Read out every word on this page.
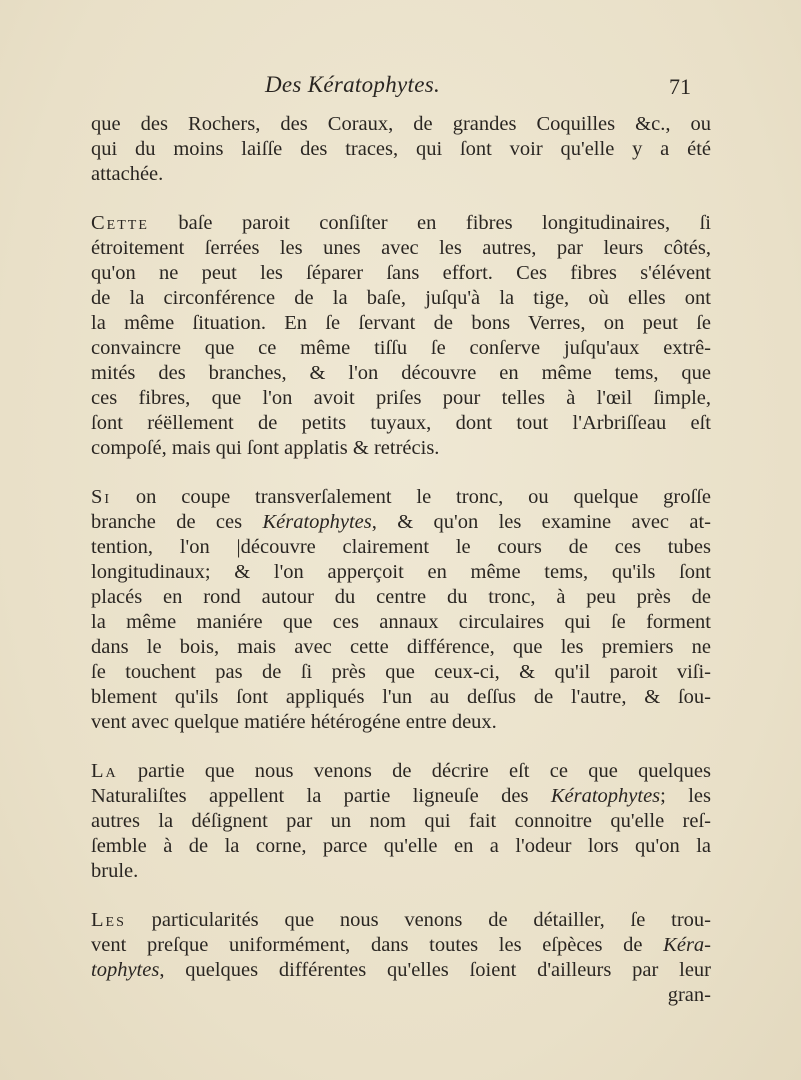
Des Kératophytes.	71
que des Rochers, des Coraux, de grandes Coquilles &c., ou
qui du moins laiſſe des traces, qui ſont voir qu'elle y a été
attachée.
Cette baſe paroit conſiſter en fibres longitudinaires, ſi
étroitement ſerrées les unes avec les autres, par leurs côtés,
qu'on ne peut les ſéparer ſans effort. Ces fibres s'élévent
de la circonférence de la baſe, juſqu'à la tige, où elles ont
la même ſituation. En ſe ſervant de bons Verres, on peut ſe
convaincre que ce même tiſſu ſe conſerve juſqu'aux extrê-
mités des branches, & l'on découvre en même tems, que
ces fibres, que l'on avoit priſes pour telles à l'œil ſimple,
ſont réëllement de petits tuyaux, dont tout l'Arbriſſeau eſt
compoſé, mais qui ſont applatis & retrécis.
Si on coupe transverſalement le tronc, ou quelque groſſe
branche de ces Kératophytes, & qu'on les examine avec at-
tention, l'on |découvre clairement le cours de ces tubes
longitudinaux; & l'on apperçoit en même tems, qu'ils ſont
placés en rond autour du centre du tronc, à peu près de
la même maniére que ces annaux circulaires qui ſe forment
dans le bois, mais avec cette différence, que les premiers ne
ſe touchent pas de ſi près que ceux-ci, & qu'il paroit viſi-
blement qu'ils ſont appliqués l'un au deſſus de l'autre, & ſou-
vent avec quelque matiére hétérogéne entre deux.
La partie que nous venons de décrire eſt ce que quelques
Naturaliſtes appellent la partie ligneuſe des Kératophytes; les
autres la déſignent par un nom qui fait connoitre qu'elle reſ-
ſemble à de la corne, parce qu'elle en a l'odeur lors qu'on la
brule.
Les particularités que nous venons de détailler, ſe trou-
vent preſque uniformément, dans toutes les eſpèces de Kéra-
tophytes, quelques différentes qu'elles ſoient d'ailleurs par leur
gran-
